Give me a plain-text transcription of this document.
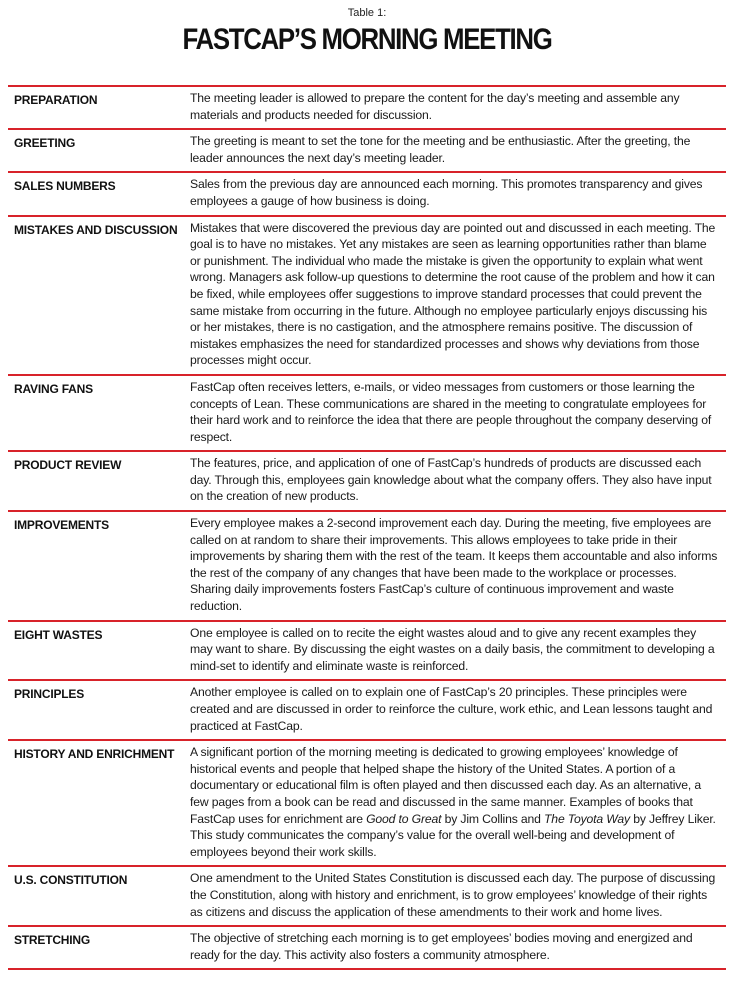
Table 1:
FASTCAP’S MORNING MEETING
PREPARATION	The meeting leader is allowed to prepare the content for the day’s meeting and assemble any materials and products needed for discussion.
GREETING	The greeting is meant to set the tone for the meeting and be enthusiastic. After the greeting, the leader announces the next day’s meeting leader.
SALES NUMBERS	Sales from the previous day are announced each morning. This promotes transparency and gives employees a gauge of how business is doing.
MISTAKES AND DISCUSSION	Mistakes that were discovered the previous day are pointed out and discussed in each meeting. The goal is to have no mistakes. Yet any mistakes are seen as learning opportunities rather than blame or punishment. The individual who made the mistake is given the opportunity to explain what went wrong. Managers ask follow-up questions to determine the root cause of the problem and how it can be fixed, while employees offer suggestions to improve standard processes that could prevent the same mistake from occurring in the future. Although no employee particularly enjoys discussing his or her mistakes, there is no castigation, and the atmosphere remains positive. The discussion of mistakes emphasizes the need for standardized processes and shows why deviations from those processes might occur.
RAVING FANS	FastCap often receives letters, e-mails, or video messages from customers or those learning the concepts of Lean. These communications are shared in the meeting to congratulate employees for their hard work and to reinforce the idea that there are people throughout the company deserving of respect.
PRODUCT REVIEW	The features, price, and application of one of FastCap’s hundreds of products are discussed each day. Through this, employees gain knowledge about what the company offers. They also have input on the creation of new products.
IMPROVEMENTS	Every employee makes a 2-second improvement each day. During the meeting, five employees are called on at random to share their improvements. This allows employees to take pride in their improvements by sharing them with the rest of the team. It keeps them accountable and also informs the rest of the company of any changes that have been made to the workplace or processes. Sharing daily improvements fosters FastCap’s culture of continuous improvement and waste reduction.
EIGHT WASTES	One employee is called on to recite the eight wastes aloud and to give any recent examples they may want to share. By discussing the eight wastes on a daily basis, the commitment to developing a mind-set to identify and eliminate waste is reinforced.
PRINCIPLES	Another employee is called on to explain one of FastCap’s 20 principles. These principles were created and are discussed in order to reinforce the culture, work ethic, and Lean lessons taught and practiced at FastCap.
HISTORY AND ENRICHMENT	A significant portion of the morning meeting is dedicated to growing employees’ knowledge of historical events and people that helped shape the history of the United States. A portion of a documentary or educational film is often played and then discussed each day. As an alternative, a few pages from a book can be read and discussed in the same manner. Examples of books that FastCap uses for enrichment are Good to Great by Jim Collins and The Toyota Way by Jeffrey Liker. This study communicates the company’s value for the overall well-being and development of employees beyond their work skills.
U.S. CONSTITUTION	One amendment to the United States Constitution is discussed each day. The purpose of discussing the Constitution, along with history and enrichment, is to grow employees’ knowledge of their rights as citizens and discuss the application of these amendments to their work and home lives.
STRETCHING	The objective of stretching each morning is to get employees’ bodies moving and energized and ready for the day. This activity also fosters a community atmosphere.
